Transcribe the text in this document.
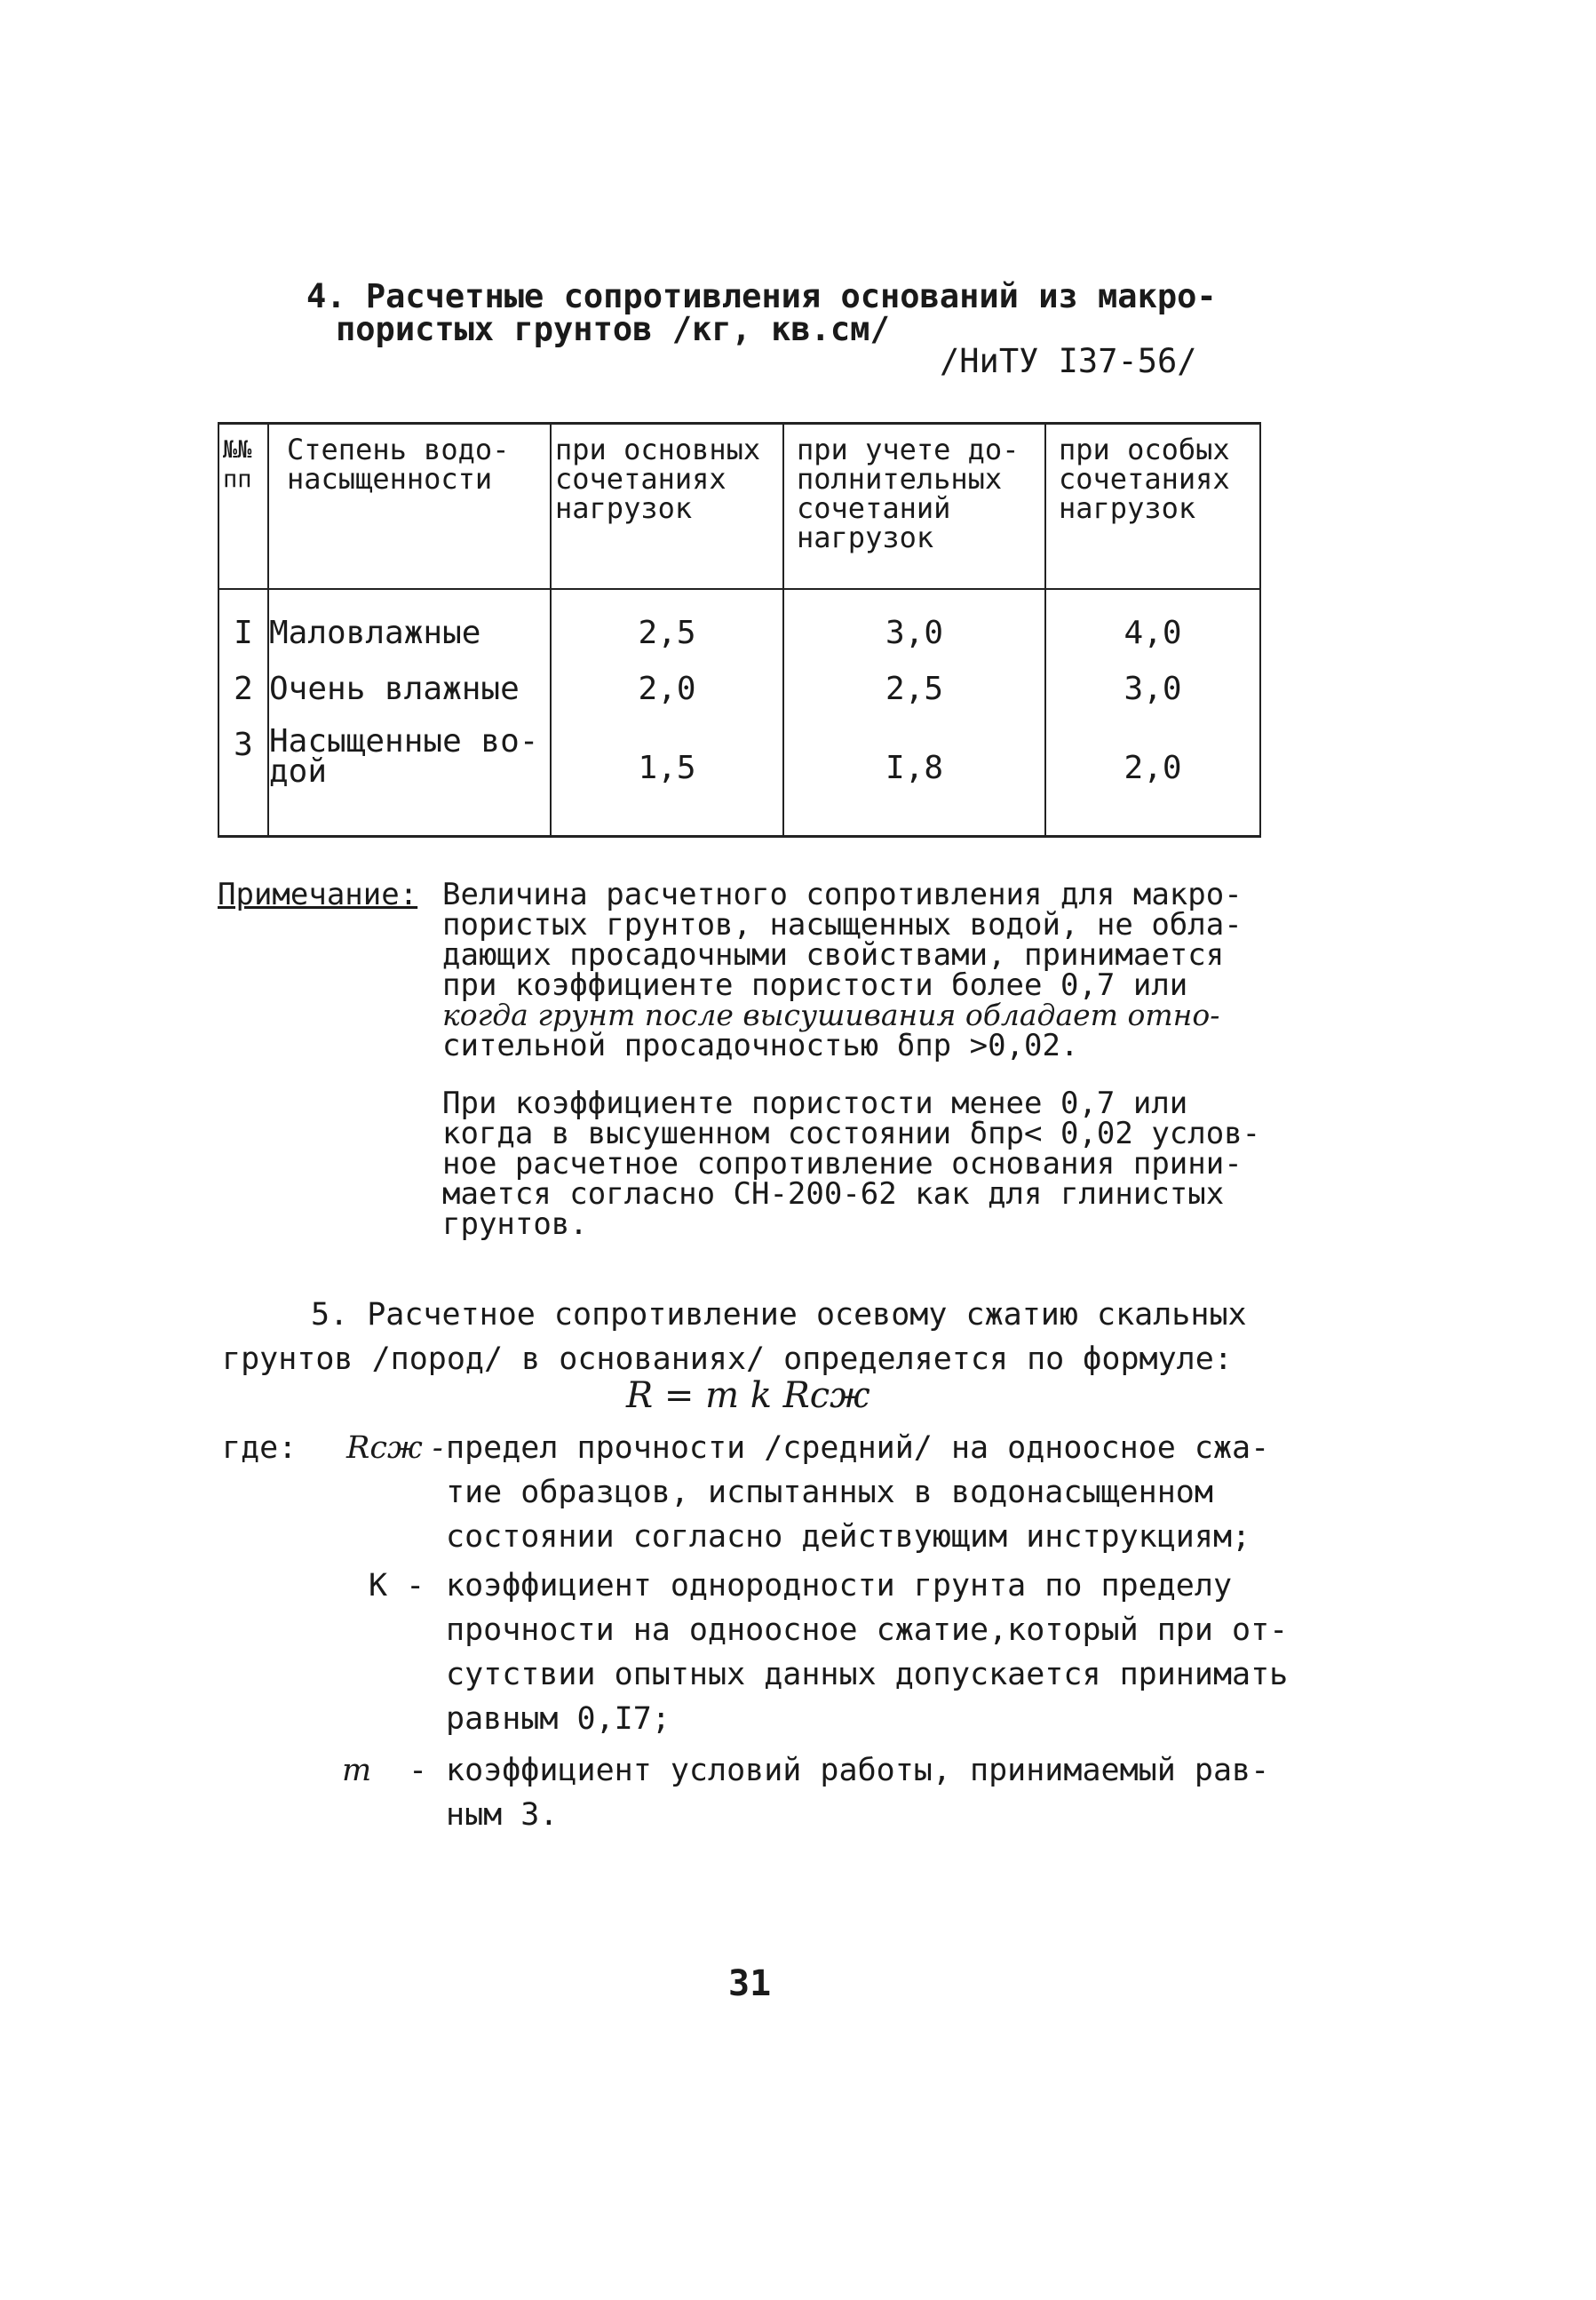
4. Расчетные сопротивления оснований из макро-
пористых грунтов /кг, кв.см/
/НиТУ I37-56/
№№ пп	Степень водо- насыщенности	при основных сочетаниях нагрузок	при учете до- полнительных сочетаний нагрузок	при особых сочетаниях нагрузок
I	Маловлажные	2,5	3,0	4,0
2	Очень влажные	2,0	2,5	3,0
3	Насыщенные во- дой	1,5	I,8	2,0
Примечание: Величина расчетного сопротивления для макро-
пористых грунтов, насыщенных водой, не обла-
дающих просадочными свойствами, принимается
при коэффициенте пористости более 0,7 или
когда грунт после высушивания обладает отно-
сительной просадочностью δпр >0,02.
При коэффициенте пористости менее 0,7 или
когда в высушенном состоянии δпр< 0,02 услов-
ное расчетное сопротивление основания прини-
мается согласно СН-200-62 как для глинистых
грунтов.
5. Расчетное сопротивление осевому сжатию скальных
грунтов /пород/ в основаниях/ определяется по формуле:
R = m k Rсж
где: Rсж - предел прочности /средний/ на одноосное сжа-
тие образцов, испытанных в водонасыщенном
состоянии согласно действующим инструкциям;
К - коэффициент однородности грунта по пределу
прочности на одноосное сжатие,который при от-
сутствии опытных данных допускается принимать
равным 0,I7;
m - коэффициент условий работы, принимаемый рав-
ным 3.
31
